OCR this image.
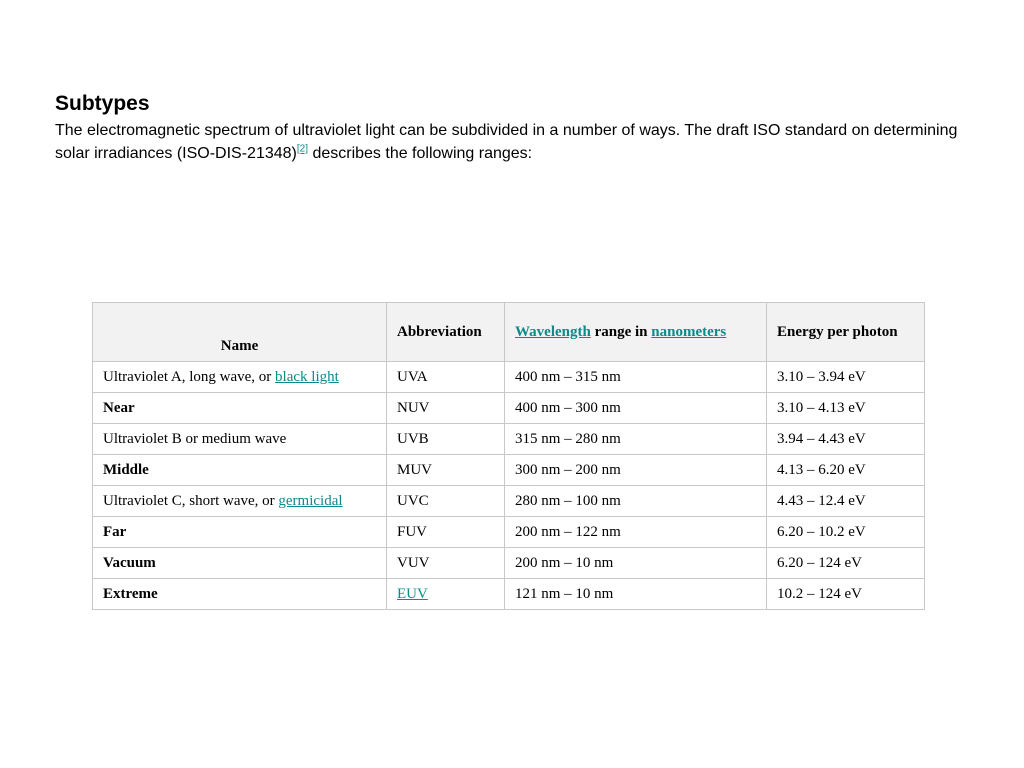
Subtypes

The electromagnetic spectrum of ultraviolet light can be subdivided in a number of ways. The draft ISO standard on determining solar irradiances (ISO-DIS-21348)[2] describes the following ranges:

Name	Abbreviation	Wavelength range in nanometers	Energy per photon
Ultraviolet A, long wave, or black light	UVA	400 nm – 315 nm	3.10 – 3.94 eV
Near	NUV	400 nm – 300 nm	3.10 – 4.13 eV
Ultraviolet B or medium wave	UVB	315 nm – 280 nm	3.94 – 4.43 eV
Middle	MUV	300 nm – 200 nm	4.13 – 6.20 eV
Ultraviolet C, short wave, or germicidal	UVC	280 nm – 100 nm	4.43 – 12.4 eV
Far	FUV	200 nm – 122 nm	6.20 – 10.2 eV
Vacuum	VUV	200 nm – 10 nm	6.20 – 124 eV
Extreme	EUV	121 nm – 10 nm	10.2 – 124 eV
